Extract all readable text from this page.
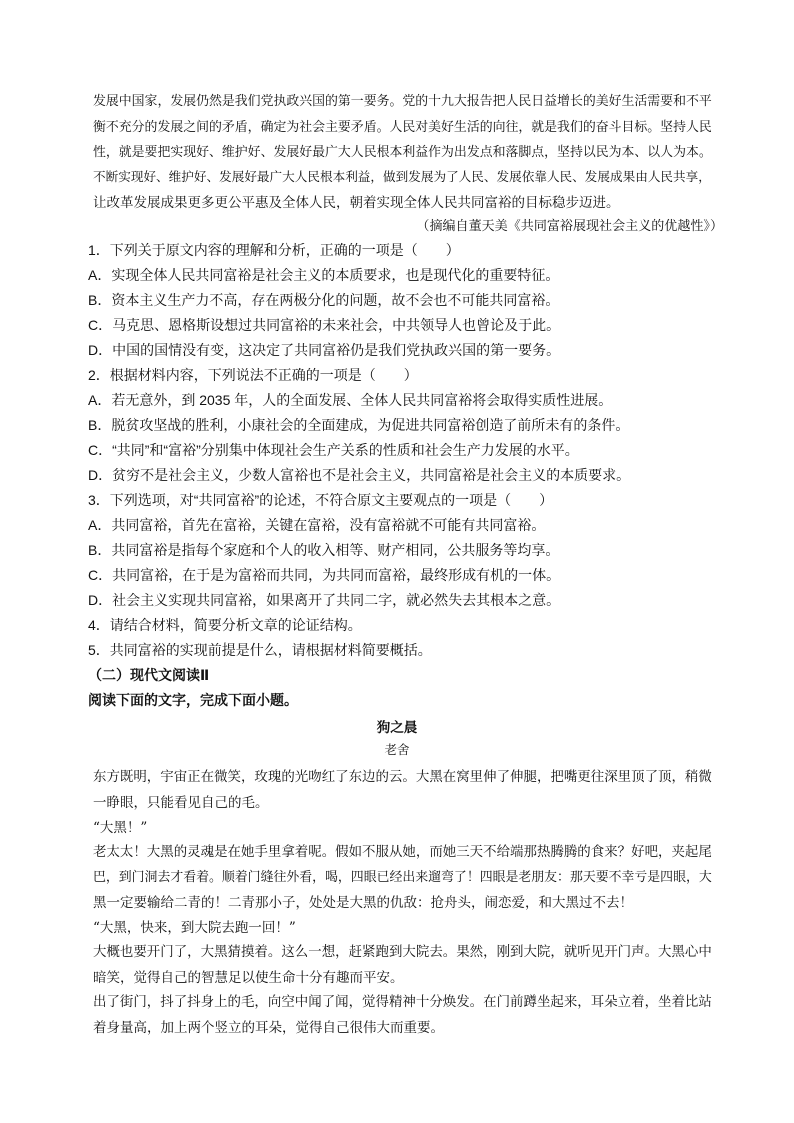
发展中国家，发展仍然是我们党执政兴国的第一要务。党的十九大报告把人民日益增长的美好生活需要和不平
衡不充分的发展之间的矛盾，确定为社会主要矛盾。人民对美好生活的向往，就是我们的奋斗目标。坚持人民
性，就是要把实现好、维护好、发展好最广大人民根本利益作为出发点和落脚点，坚持以民为本、以人为本。
不断实现好、维护好、发展好最广大人民根本利益，做到发展为了人民、发展依靠人民、发展成果由人民共享，
让改革发展成果更多更公平惠及全体人民，朝着实现全体人民共同富裕的目标稳步迈进。
（摘编自董天美《共同富裕展现社会主义的优越性》）
1．下列关于原文内容的理解和分析，正确的一项是（　　）
A．实现全体人民共同富裕是社会主义的本质要求，也是现代化的重要特征。
B．资本主义生产力不高，存在两极分化的问题，故不会也不可能共同富裕。
C．马克思、恩格斯设想过共同富裕的未来社会，中共领导人也曾论及于此。
D．中国的国情没有变，这决定了共同富裕仍是我们党执政兴国的第一要务。
2．根据材料内容，下列说法不正确的一项是（　　）
A．若无意外，到 2035 年，人的全面发展、全体人民共同富裕将会取得实质性进展。
B．脱贫攻坚战的胜利，小康社会的全面建成，为促进共同富裕创造了前所未有的条件。
C．“共同”和“富裕”分别集中体现社会生产关系的性质和社会生产力发展的水平。
D．贫穷不是社会主义，少数人富裕也不是社会主义，共同富裕是社会主义的本质要求。
3．下列选项，对“共同富裕”的论述，不符合原文主要观点的一项是（　　）
A．共同富裕，首先在富裕，关键在富裕，没有富裕就不可能有共同富裕。
B．共同富裕是指每个家庭和个人的收入相等、财产相同，公共服务等均享。
C．共同富裕，在于是为富裕而共同，为共同而富裕，最终形成有机的一体。
D．社会主义实现共同富裕，如果离开了共同二字，就必然失去其根本之意。
4．请结合材料，简要分析文章的论证结构。
5．共同富裕的实现前提是什么，请根据材料简要概括。
（二）现代文阅读Ⅱ
阅读下面的文字，完成下面小题。
狗之晨
老舍
东方既明，宇宙正在微笑，玫瑰的光吻红了东边的云。大黑在窝里伸了伸腿，把嘴更往深里顶了顶，稍微
一睁眼，只能看见自己的毛。
“大黑！”
老太太！大黑的灵魂是在她手里拿着呢。假如不服从她，而她三天不给端那热腾腾的食来？好吧，夹起尾
巴，到门洞去才看着。顺着门缝往外看，喝，四眼已经出来遛弯了！四眼是老朋友：那天要不幸亏是四眼，大
黑一定要输给二青的！二青那小子，处处是大黑的仇敌：抢舟头，闹恋爱，和大黑过不去！
“大黑，快来，到大院去跑一回！”
大概也要开门了，大黑猜摸着。这么一想，赶紧跑到大院去。果然，刚到大院，就听见开门声。大黑心中
暗笑，觉得自己的智慧足以使生命十分有趣而平安。
出了街门，抖了抖身上的毛，向空中闻了闻，觉得精神十分焕发。在门前蹲坐起来，耳朵立着，坐着比站
着身量高，加上两个竖立的耳朵，觉得自己很伟大而重要。
